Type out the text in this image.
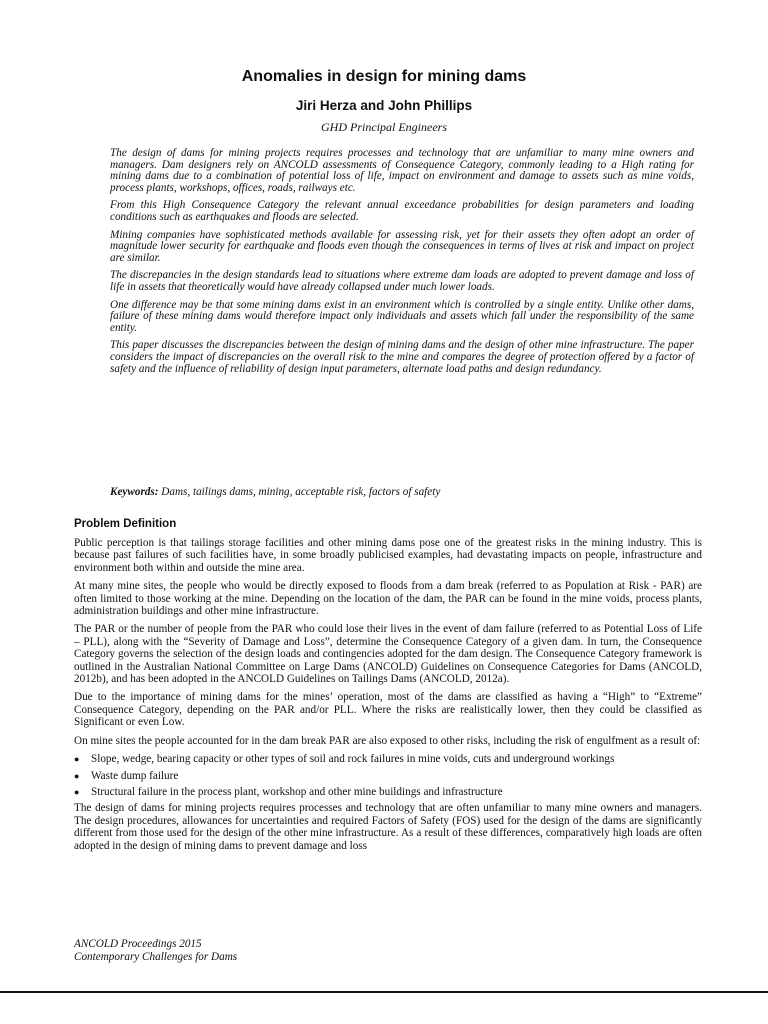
Anomalies in design for mining dams
Jiri Herza and John Phillips
GHD Principal Engineers

The design of dams for mining projects requires processes and technology that are unfamiliar to many mine owners and managers. Dam designers rely on ANCOLD assessments of Consequence Category, commonly leading to a High rating for mining dams due to a combination of potential loss of life, impact on environment and damage to assets such as mine voids, process plants, workshops, offices, roads, railways etc.

From this High Consequence Category the relevant annual exceedance probabilities for design parameters and loading conditions such as earthquakes and floods are selected.

Mining companies have sophisticated methods available for assessing risk, yet for their assets they often adopt an order of magnitude lower security for earthquake and floods even though the consequences in terms of lives at risk and impact on project are similar.

The discrepancies in the design standards lead to situations where extreme dam loads are adopted to prevent damage and loss of life in assets that theoretically would have already collapsed under much lower loads.

One difference may be that some mining dams exist in an environment which is controlled by a single entity. Unlike other dams, failure of these mining dams would therefore impact only individuals and assets which fall under the responsibility of the same entity.

This paper discusses the discrepancies between the design of mining dams and the design of other mine infrastructure. The paper considers the impact of discrepancies on the overall risk to the mine and compares the degree of protection offered by a factor of safety and the influence of reliability of design input parameters, alternate load paths and design redundancy.

Keywords: Dams, tailings dams, mining, acceptable risk, factors of safety
Problem Definition

Public perception is that tailings storage facilities and other mining dams pose one of the greatest risks in the mining industry. This is because past failures of such facilities have, in some broadly publicised examples, had devastating impacts on people, infrastructure and environment both within and outside the mine area.

At many mine sites, the people who would be directly exposed to floods from a dam break (referred to as Population at Risk - PAR) are often limited to those working at the mine. Depending on the location of the dam, the PAR can be found in the mine voids, process plants, administration buildings and other mine infrastructure.

The PAR or the number of people from the PAR who could lose their lives in the event of dam failure (referred to as Potential Loss of Life – PLL), along with the “Severity of Damage and Loss”, determine the Consequence Category of a given dam. In turn, the Consequence Category governs the selection of the design loads and contingencies adopted for the dam design. The Consequence Category framework is outlined in the Australian National Committee on Large Dams (ANCOLD) Guidelines on Consequence Categories for Dams (ANCOLD, 2012b), and has been adopted in the ANCOLD Guidelines on Tailings Dams (ANCOLD, 2012a).

Due to the importance of mining dams for the mines’ operation, most of the dams are classified as having a “High” to “Extreme” Consequence Category, depending on the PAR and/or PLL. Where the risks are realistically lower, then they could be classified as Significant or even Low.

On mine sites the people accounted for in the dam break PAR are also exposed to other risks, including the risk of engulfment as a result of:

● Slope, wedge, bearing capacity or other types of soil and rock failures in mine voids, cuts and underground workings
● Waste dump failure
● Structural failure in the process plant, workshop and other mine buildings and infrastructure

The design of dams for mining projects requires processes and technology that are often unfamiliar to many mine owners and managers. The design procedures, allowances for uncertainties and required Factors of Safety (FOS) used for the design of the dams are significantly different from those used for the design of the other mine infrastructure. As a result of these differences, comparatively high loads are often adopted in the design of mining dams to prevent damage and loss

ANCOLD Proceedings 2015
Contemporary Challenges for Dams
